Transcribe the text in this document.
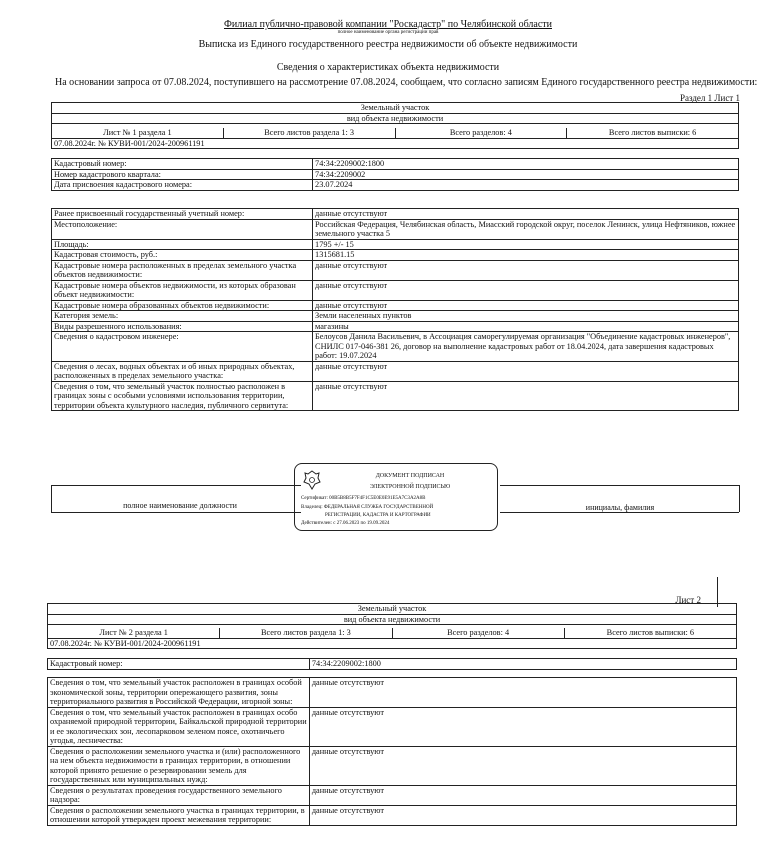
Филиал публично-правовой компании "Роскадастр" по Челябинской области
полное наименование органа регистрации прав
Выписка из Единого государственного реестра недвижимости об объекте недвижимости
Сведения о характеристиках объекта недвижимости
На основании запроса от 07.08.2024, поступившего на рассмотрение 07.08.2024, сообщаем, что согласно записям Единого государственного реестра недвижимости:
Раздел 1 Лист 1
Земельный участок
вид объекта недвижимости

Лист № 1 раздела 1	Всего листов раздела 1: 3	Всего разделов: 4	Всего листов выписки: 6
07.08.2024г. № КУВИ-001/2024-200961191
Кадастровый номер:	74:34:2209002:1800
Номер кадастрового квартала:	74:34:2209002
Дата присвоения кадастрового номера:	23.07.2024
Ранее присвоенный государственный учетный номер:	данные отсутствуют
Местоположение:	Российская Федерация, Челябинская область, Миасский городской округ, поселок Ленинск, улица Нефтяников, южнее земельного участка 5
Площадь:	1795 +/- 15
Кадастровая стоимость, руб.:	1315681.15
Кадастровые номера расположенных в пределах земельного участка объектов недвижимости:	данные отсутствуют
Кадастровые номера объектов недвижимости, из которых образован объект недвижимости:	данные отсутствуют
Кадастровые номера образованных объектов недвижимости:	данные отсутствуют
Категория земель:	Земли населенных пунктов
Виды разрешенного использования:	магазины
Сведения о кадастровом инженере:	Белоусов Данила Васильевич, в Ассоциация саморегулируемая организация "Объединение кадастровых инженеров", СНИЛС 017-046-381 26, договор на выполнение кадастровых работ от 18.04.2024, дата завершения кадастровых работ: 19.07.2024
Сведения о лесах, водных объектах и об иных природных объектах, расположенных в пределах земельного участка:	данные отсутствуют
Сведения о том, что земельный участок полностью расположен в границах зоны с особыми условиями использования территории, территории объекта культурного наследия, публичного сервитута:	данные отсутствуют
полное наименование должности	инициалы, фамилия
ДОКУМЕНТ ПОДПИСАН
ЭЛЕКТРОННОЙ ПОДПИСЬЮ
Сертификат: 00B5B8B5F7F4F1C5E0E0E91E5A7C3A2A8B
Владелец: ФЕДЕРАЛЬНАЯ СЛУЖБА ГОСУДАРСТВЕННОЙ
РЕГИСТРАЦИИ, КАДАСТРА И КАРТОГРАФИИ
Действителен: с 27.06.2023 по 19.09.2024
Лист 2
Земельный участок
вид объекта недвижимости

Лист № 2 раздела 1	Всего листов раздела 1: 3	Всего разделов: 4	Всего листов выписки: 6
07.08.2024г. № КУВИ-001/2024-200961191
Кадастровый номер:	74:34:2209002:1800
Сведения о том, что земельный участок расположен в границах особой экономической зоны, территории опережающего развития, зоны территориального развития в Российской Федерации, игорной зоны:	данные отсутствуют
Сведения о том, что земельный участок расположен в границах особо охраняемой природной территории, Байкальской природной территории и ее экологических зон, лесопарковом зеленом поясе, охотничьего угодья, лесничества:	данные отсутствуют
Сведения о расположении земельного участка и (или) расположенного на нем объекта недвижимости в границах территории, в отношении которой принято решение о резервировании земель для государственных или муниципальных нужд:	данные отсутствуют
Сведения о результатах проведения государственного земельного надзора:	данные отсутствуют
Сведения о расположении земельного участка в границах территории, в отношении которой утвержден проект межевания территории:	данные отсутствуют
